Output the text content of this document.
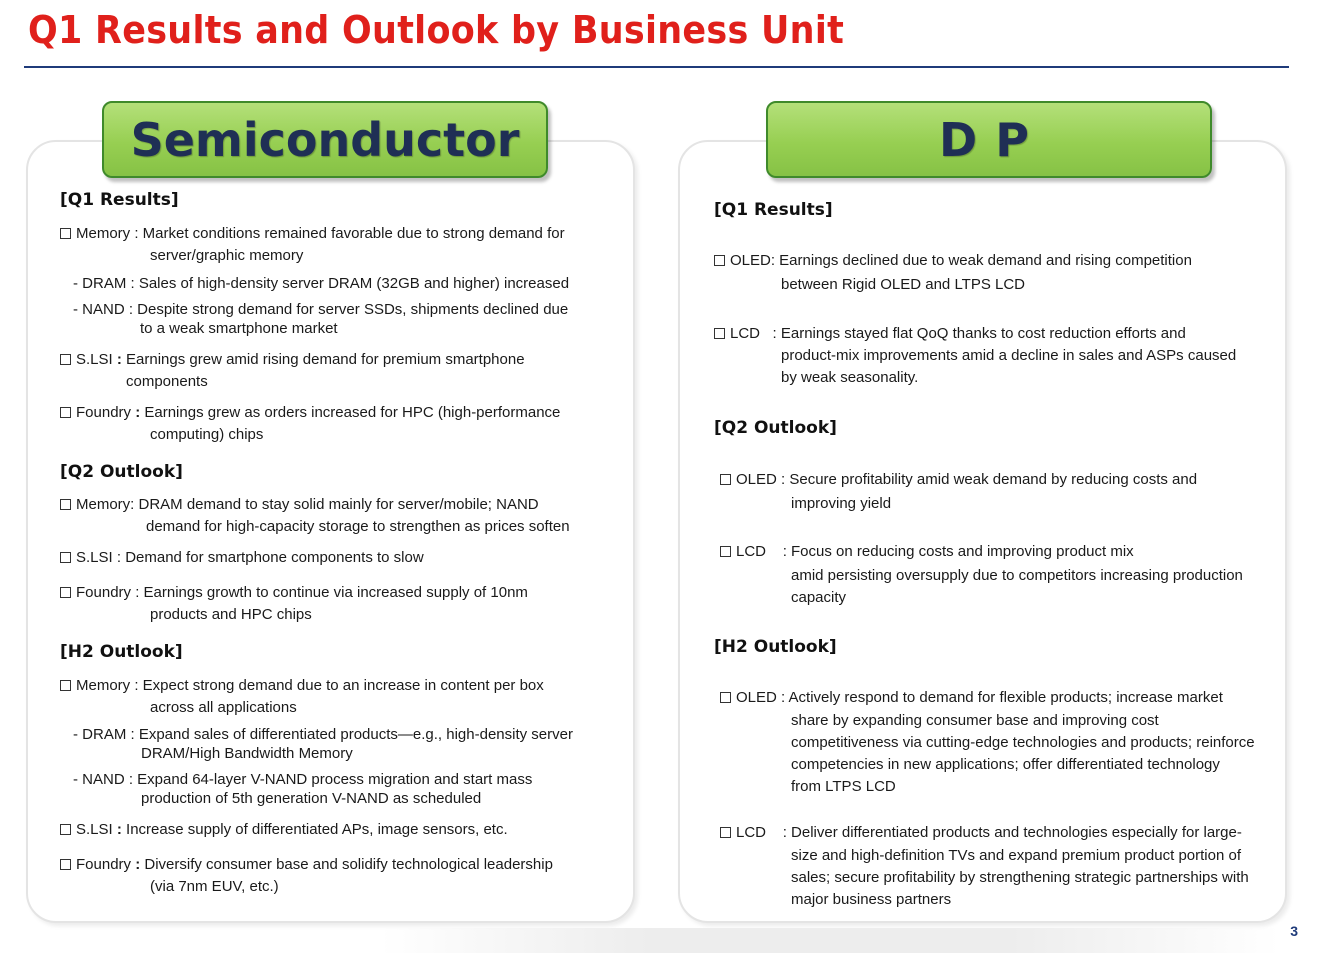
Q1 Results and Outlook by Business Unit
Semiconductor
[Q1 Results]
Memory : Market conditions remained favorable due to strong demand for
server/graphic memory
- DRAM : Sales of high-density server DRAM (32GB and higher) increased
- NAND : Despite strong demand for server SSDs, shipments declined due
to a weak smartphone market
S.LSI : Earnings grew amid rising demand for premium smartphone
components
Foundry : Earnings grew as orders increased for HPC (high-performance
computing) chips
[Q2 Outlook]
Memory: DRAM demand to stay solid mainly for server/mobile; NAND
demand for high-capacity storage to strengthen as prices soften
S.LSI : Demand for smartphone components to slow
Foundry : Earnings growth to continue via increased supply of 10nm
products and HPC chips
[H2 Outlook]
Memory : Expect strong demand due to an increase in content per box
across all applications
- DRAM : Expand sales of differentiated products—e.g., high-density server
DRAM/High Bandwidth Memory
- NAND : Expand 64-layer V-NAND process migration and start mass
production of 5th generation V-NAND as scheduled
S.LSI : Increase supply of differentiated APs, image sensors, etc.
Foundry : Diversify consumer base and solidify technological leadership
(via 7nm EUV, etc.)
DP
[Q1 Results]
OLED: Earnings declined due to weak demand and rising competition
between Rigid OLED and LTPS LCD
LCD : Earnings stayed flat QoQ thanks to cost reduction efforts and
product-mix improvements amid a decline in sales and ASPs caused
by weak seasonality.
[Q2 Outlook]
OLED : Secure profitability amid weak demand by reducing costs and
improving yield
LCD : Focus on reducing costs and improving product mix
amid persisting oversupply due to competitors increasing production
capacity
[H2 Outlook]
OLED : Actively respond to demand for flexible products; increase market
share by expanding consumer base and improving cost
competitiveness via cutting-edge technologies and products; reinforce
competencies in new applications; offer differentiated technology
from LTPS LCD
LCD : Deliver differentiated products and technologies especially for large-
size and high-definition TVs and expand premium product portion of
sales; secure profitability by strengthening strategic partnerships with
major business partners
3
